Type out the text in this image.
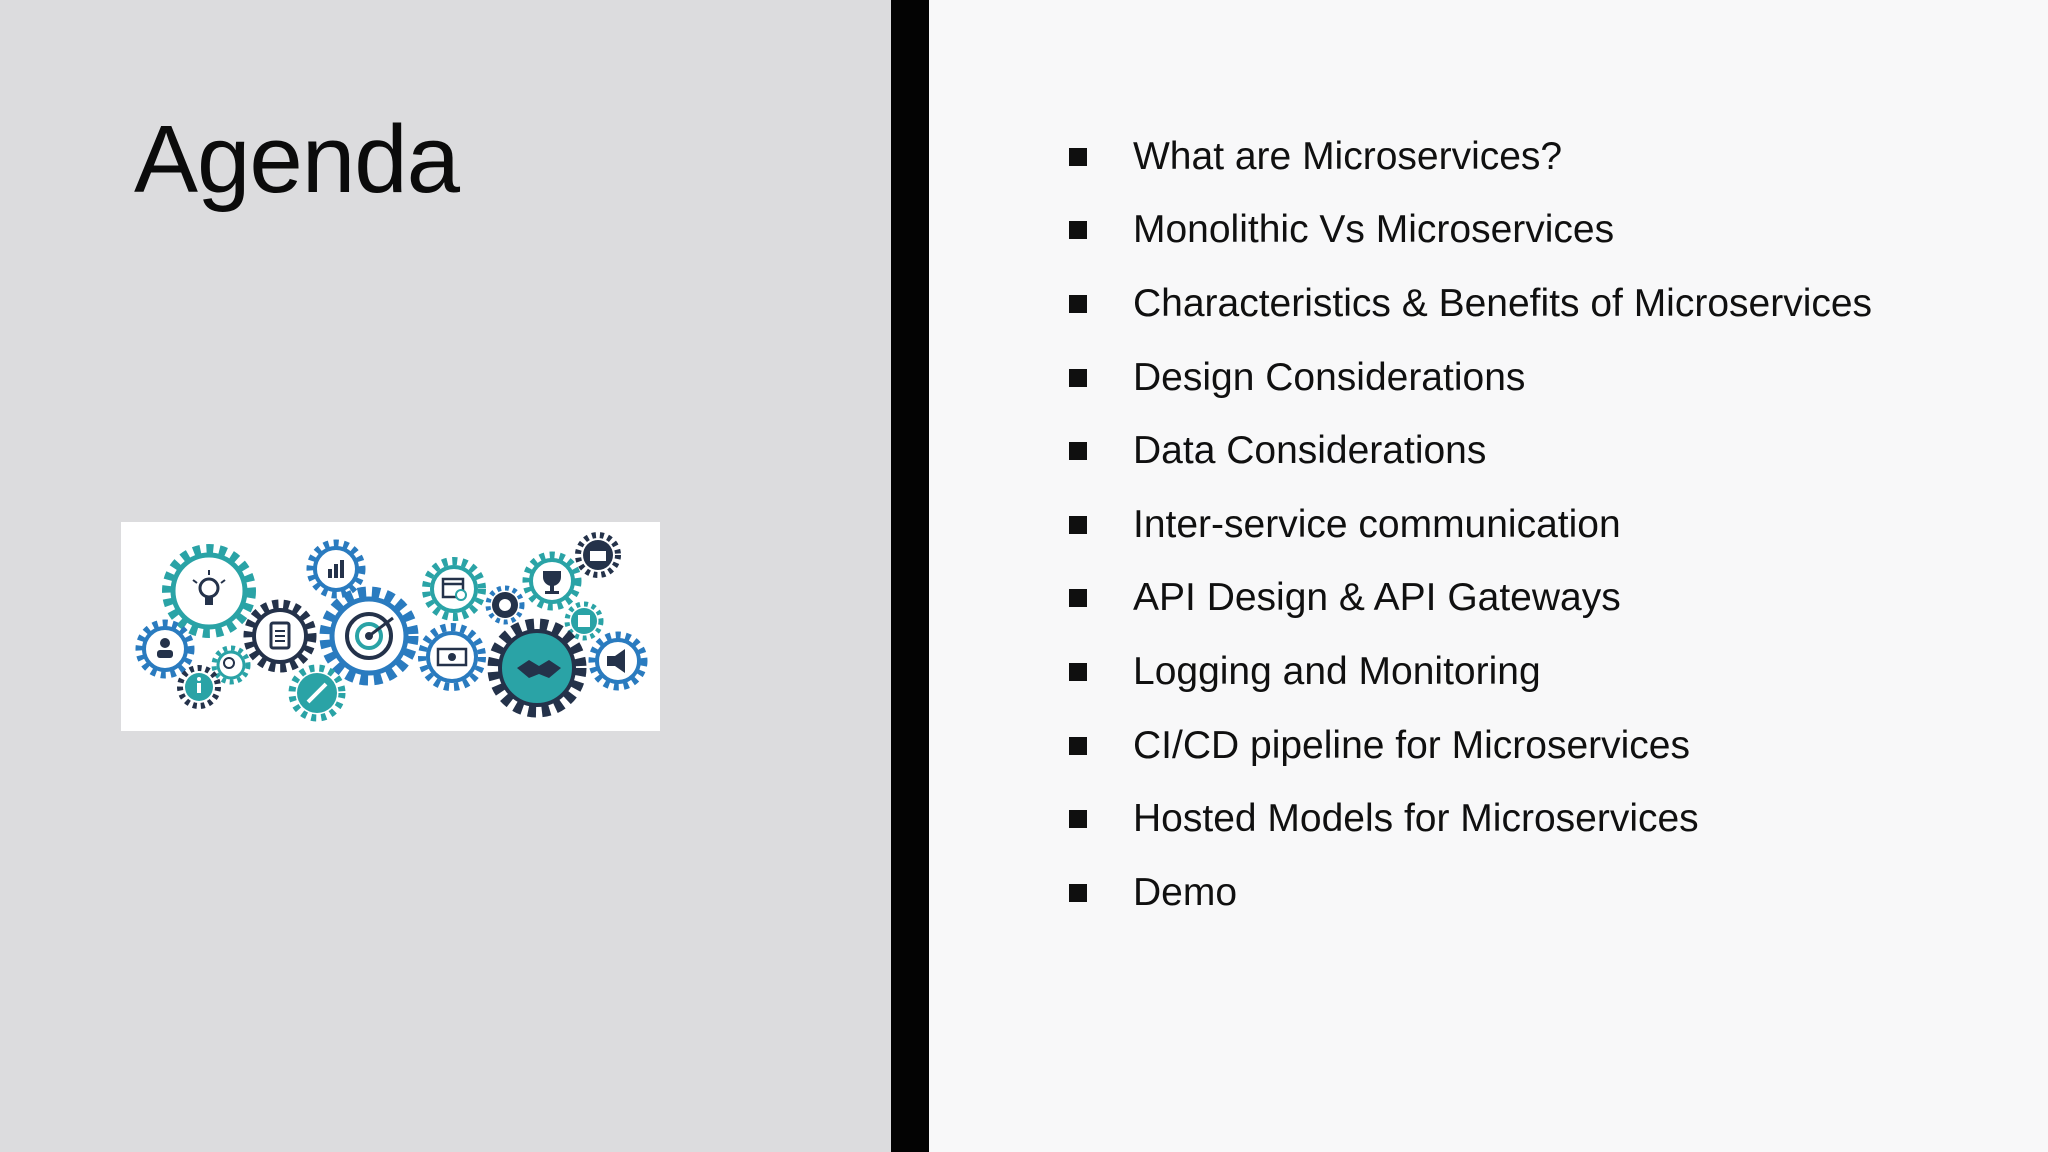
Agenda	What are Microservices?
Monolithic Vs Microservices
Characteristics & Benefits of Microservices
Design Considerations
Data Considerations
Inter-service communication
API Design & API Gateways
Logging and Monitoring
CI/CD pipeline for Microservices
Hosted Models for Microservices
Demo
